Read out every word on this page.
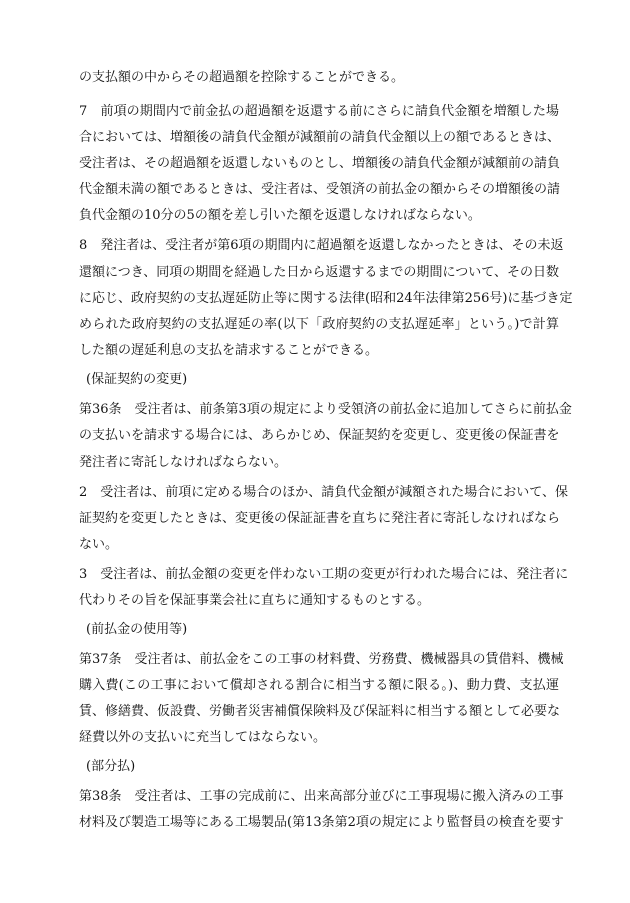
の支払額の中からその超過額を控除することができる。
7　前項の期間内で前金払の超過額を返還する前にさらに請負代金額を増額した場
合においては、増額後の請負代金額が減額前の請負代金額以上の額であるときは、
受注者は、その超過額を返還しないものとし、増額後の請負代金額が減額前の請負
代金額未満の額であるときは、受注者は、受領済の前払金の額からその増額後の請
負代金額の10分の5の額を差し引いた額を返還しなければならない。
8　発注者は、受注者が第6項の期間内に超過額を返還しなかったときは、その未返
還額につき、同項の期間を経過した日から返還するまでの期間について、その日数
に応じ、政府契約の支払遅延防止等に関する法律(昭和24年法律第256号)に基づき定
められた政府契約の支払遅延の率(以下「政府契約の支払遅延率」という。)で計算
した額の遅延利息の支払を請求することができる。
(保証契約の変更)
第36条　受注者は、前条第3項の規定により受領済の前払金に追加してさらに前払金
の支払いを請求する場合には、あらかじめ、保証契約を変更し、変更後の保証書を
発注者に寄託しなければならない。
2　受注者は、前項に定める場合のほか、請負代金額が減額された場合において、保
証契約を変更したときは、変更後の保証証書を直ちに発注者に寄託しなければなら
ない。
3　受注者は、前払金額の変更を伴わない工期の変更が行われた場合には、発注者に
代わりその旨を保証事業会社に直ちに通知するものとする。
(前払金の使用等)
第37条　受注者は、前払金をこの工事の材料費、労務費、機械器具の賃借料、機械
購入費(この工事において償却される割合に相当する額に限る。)、動力費、支払運
賃、修繕費、仮設費、労働者災害補償保険料及び保証料に相当する額として必要な
経費以外の支払いに充当してはならない。
(部分払)
第38条　受注者は、工事の完成前に、出来高部分並びに工事現場に搬入済みの工事
材料及び製造工場等にある工場製品(第13条第2項の規定により監督員の検査を要す
